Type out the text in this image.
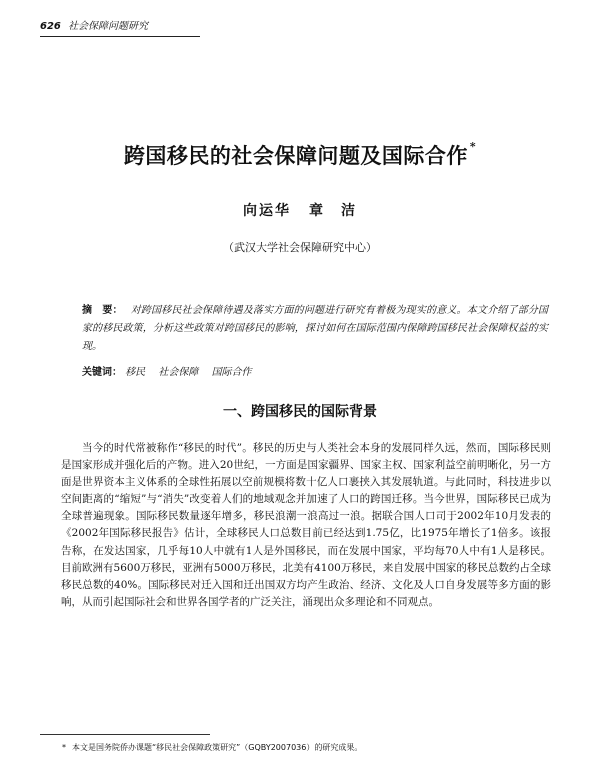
626 社会保障问题研究
跨国移民的社会保障问题及国际合作 *
向运华 章　洁
（武汉大学社会保障研究中心）
摘　要： 对跨国移民社会保障待遇及落实方面的问题进行研究有着极为现实的意义。本文介绍了部分国家的移民政策，分析这些政策对跨国移民的影响，探讨如何在国际范围内保障跨国移民社会保障权益的实现。
关键词： 移民 社会保障 国际合作
一、跨国移民的国际背景

当今的时代常被称作“移民的时代”。移民的历史与人类社会本身的发展同样久远，然而，国际移民则是国家形成并强化后的产物。进入20世纪，一方面是国家疆界、国家主权、国家利益空前明晰化，另一方面是世界资本主义体系的全球性拓展以空前规模将数十亿人口裹挟入其发展轨道。与此同时，科技进步以空间距离的“缩短”与“消失”改变着人们的地域观念并加速了人口的跨国迁移。当今世界，国际移民已成为全球普遍现象。国际移民数量逐年增多，移民浪潮一浪高过一浪。据联合国人口司于2002年10月发表的《2002年国际移民报告》估计，全球移民人口总数目前已经达到1.75亿，比1975年增长了1倍多。该报告称，在发达国家，几乎每10人中就有1人是外国移民，而在发展中国家，平均每70人中有1人是移民。目前欧洲有5600万移民，亚洲有5000万移民，北美有4100万移民，来自发展中国家的移民总数约占全球移民总数的40%。国际移民对迁入国和迁出国双方均产生政治、经济、文化及人口自身发展等多方面的影响，从而引起国际社会和世界各国学者的广泛关注，涌现出众多理论和不同观点。

* 本文是国务院侨办课题“移民社会保障政策研究”（GQBY2007036）的研究成果。
